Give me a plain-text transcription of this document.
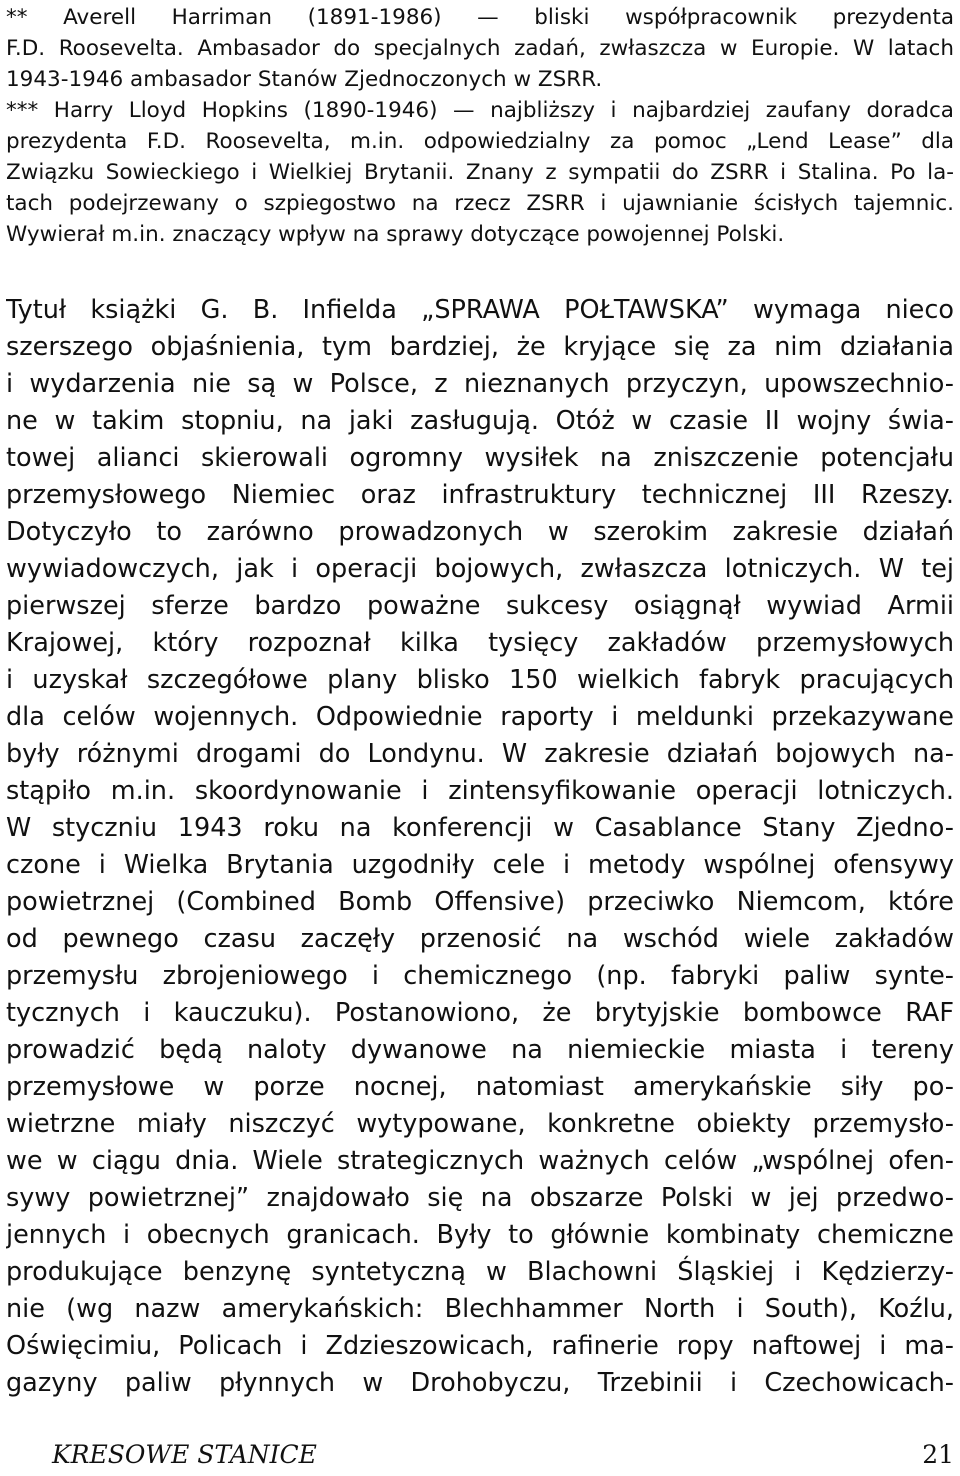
** Averell Harriman (1891-1986) — bliski współpracownik prezydenta
F.D. Roosevelta. Ambasador do specjalnych zadań, zwłaszcza w Europie. W latach
1943-1946 ambasador Stanów Zjednoczonych w ZSRR.
*** Harry Lloyd Hopkins (1890-1946) — najbliższy i najbardziej zaufany doradca
prezydenta F.D. Roosevelta, m.in. odpowiedzialny za pomoc „Lend Lease” dla
Związku Sowieckiego i Wielkiej Brytanii. Znany z sympatii do ZSRR i Stalina. Po la-
tach podejrzewany o szpiegostwo na rzecz ZSRR i ujawnianie ścisłych tajemnic.
Wywierał m.in. znaczący wpływ na sprawy dotyczące powojennej Polski.
Tytuł książki G. B. Infielda „SPRAWA POŁTAWSKA” wymaga nieco
szerszego objaśnienia, tym bardziej, że kryjące się za nim działania
i wydarzenia nie są w Polsce, z nieznanych przyczyn, upowszechnio-
ne w takim stopniu, na jaki zasługują. Otóż w czasie II wojny świa-
towej alianci skierowali ogromny wysiłek na zniszczenie potencjału
przemysłowego Niemiec oraz infrastruktury technicznej III Rzeszy.
Dotyczyło to zarówno prowadzonych w szerokim zakresie działań
wywiadowczych, jak i operacji bojowych, zwłaszcza lotniczych. W tej
pierwszej sferze bardzo poważne sukcesy osiągnął wywiad Armii
Krajowej, który rozpoznał kilka tysięcy zakładów przemysłowych
i uzyskał szczegółowe plany blisko 150 wielkich fabryk pracujących
dla celów wojennych. Odpowiednie raporty i meldunki przekazywane
były różnymi drogami do Londynu. W zakresie działań bojowych na-
stąpiło m.in. skoordynowanie i zintensyfikowanie operacji lotniczych.
W styczniu 1943 roku na konferencji w Casablance Stany Zjedno-
czone i Wielka Brytania uzgodniły cele i metody wspólnej ofensywy
powietrznej (Combined Bomb Offensive) przeciwko Niemcom, które
od pewnego czasu zaczęły przenosić na wschód wiele zakładów
przemysłu zbrojeniowego i chemicznego (np. fabryki paliw synte-
tycznych i kauczuku). Postanowiono, że brytyjskie bombowce RAF
prowadzić będą naloty dywanowe na niemieckie miasta i tereny
przemysłowe w porze nocnej, natomiast amerykańskie siły po-
wietrzne miały niszczyć wytypowane, konkretne obiekty przemysło-
we w ciągu dnia. Wiele strategicznych ważnych celów „wspólnej ofen-
sywy powietrznej” znajdowało się na obszarze Polski w jej przedwo-
jennych i obecnych granicach. Były to głównie kombinaty chemiczne
produkujące benzynę syntetyczną w Blachowni Śląskiej i Kędzierzy-
nie (wg nazw amerykańskich: Blechhammer North i South), Koźlu,
Oświęcimiu, Policach i Zdzieszowicach, rafinerie ropy naftowej i ma-
gazyny paliw płynnych w Drohobyczu, Trzebinii i Czechowicach-
KRESOWE STANICE	21
